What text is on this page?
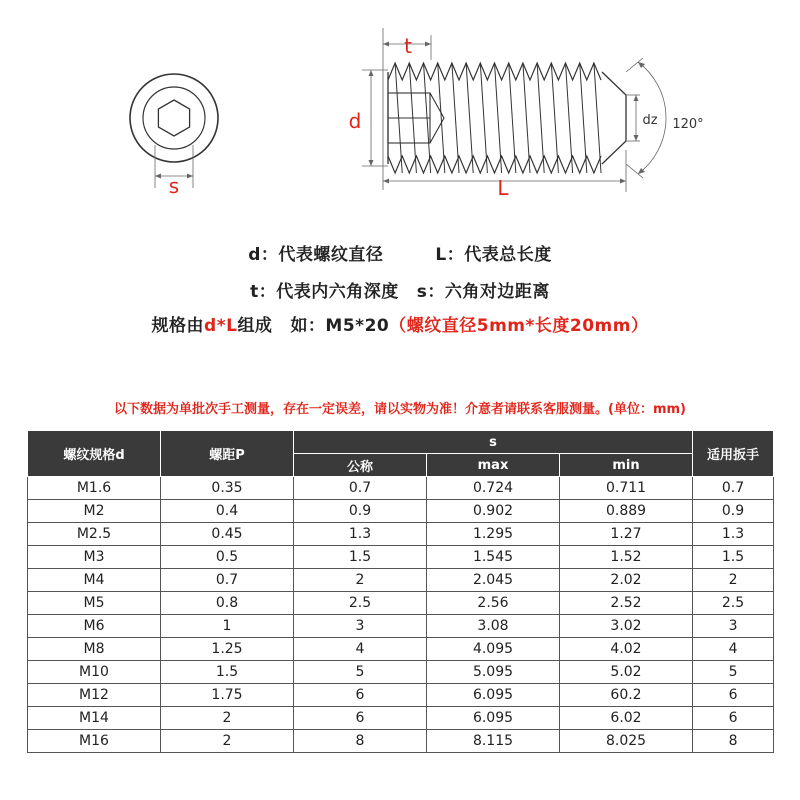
s
t
d
L
dz 120°
d：代表螺纹直径	L：代表总长度
t：代表内六角深度 s：六角对边距离
规格由d*L组成 如：M5*20（螺纹直径5mm*长度20mm）
以下数据为单批次手工测量，存在一定误差，请以实物为准！介意者请联系客服测量。(单位：mm)
螺纹规格d	螺距P	s			适用扳手
		公称	max	min	
M1.6	0.35	0.7	0.724	0.711	0.7
M2	0.4	0.9	0.902	0.889	0.9
M2.5	0.45	1.3	1.295	1.27	1.3
M3	0.5	1.5	1.545	1.52	1.5
M4	0.7	2	2.045	2.02	2
M5	0.8	2.5	2.56	2.52	2.5
M6	1	3	3.08	3.02	3
M8	1.25	4	4.095	4.02	4
M10	1.5	5	5.095	5.02	5
M12	1.75	6	6.095	60.2	6
M14	2	6	6.095	6.02	6
M16	2	8	8.115	8.025	8
